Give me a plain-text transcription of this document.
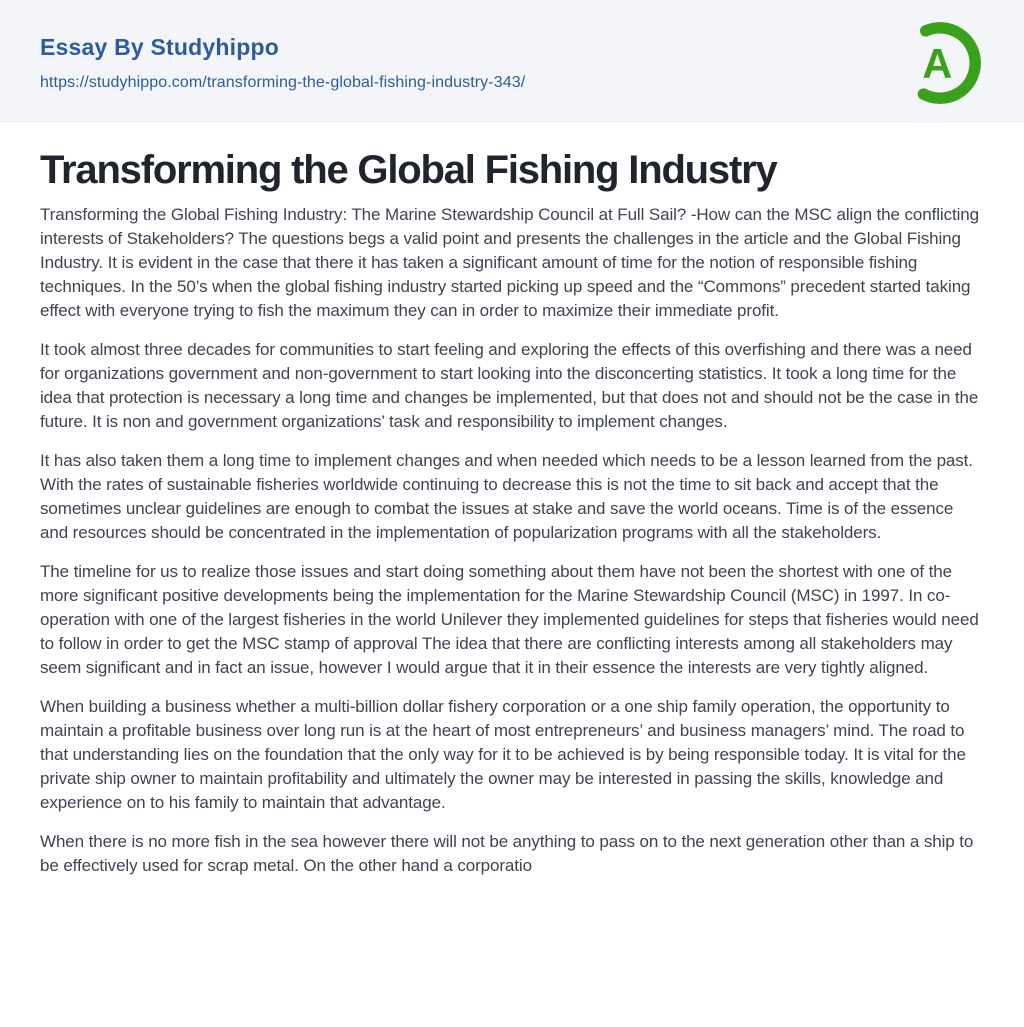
Essay By Studyhippo
https://studyhippo.com/transforming-the-global-fishing-industry-343/	A
Transforming the Global Fishing Industry

Transforming the Global Fishing Industry: The Marine Stewardship Council at Full Sail? -How can the MSC align the conflicting interests of Stakeholders? The questions begs a valid point and presents the challenges in the article and the Global Fishing Industry. It is evident in the case that there it has taken a significant amount of time for the notion of responsible fishing techniques. In the 50’s when the global fishing industry started picking up speed and the “Commons” precedent started taking effect with everyone trying to fish the maximum they can in order to maximize their immediate profit.

It took almost three decades for communities to start feeling and exploring the effects of this overfishing and there was a need for organizations government and non-government to start looking into the disconcerting statistics. It took a long time for the idea that protection is necessary a long time and changes be implemented, but that does not and should not be the case in the future. It is non and government organizations’ task and responsibility to implement changes.

It has also taken them a long time to implement changes and when needed which needs to be a lesson learned from the past. With the rates of sustainable fisheries worldwide continuing to decrease this is not the time to sit back and accept that the sometimes unclear guidelines are enough to combat the issues at stake and save the world oceans. Time is of the essence and resources should be concentrated in the implementation of popularization programs with all the stakeholders.

The timeline for us to realize those issues and start doing something about them have not been the shortest with one of the more significant positive developments being the implementation for the Marine Stewardship Council (MSC) in 1997. In co-operation with one of the largest fisheries in the world Unilever they implemented guidelines for steps that fisheries would need to follow in order to get the MSC stamp of approval The idea that there are conflicting interests among all stakeholders may seem significant and in fact an issue, however I would argue that it in their essence the interests are very tightly aligned.

When building a business whether a multi-billion dollar fishery corporation or a one ship family operation, the opportunity to maintain a profitable business over long run is at the heart of most entrepreneurs’ and business managers’ mind. The road to that understanding lies on the foundation that the only way for it to be achieved is by being responsible today. It is vital for the private ship owner to maintain profitability and ultimately the owner may be interested in passing the skills, knowledge and experience on to his family to maintain that advantage.

When there is no more fish in the sea however there will not be anything to pass on to the next generation other than a ship to be effectively used for scrap metal. On the other hand a corporatio
